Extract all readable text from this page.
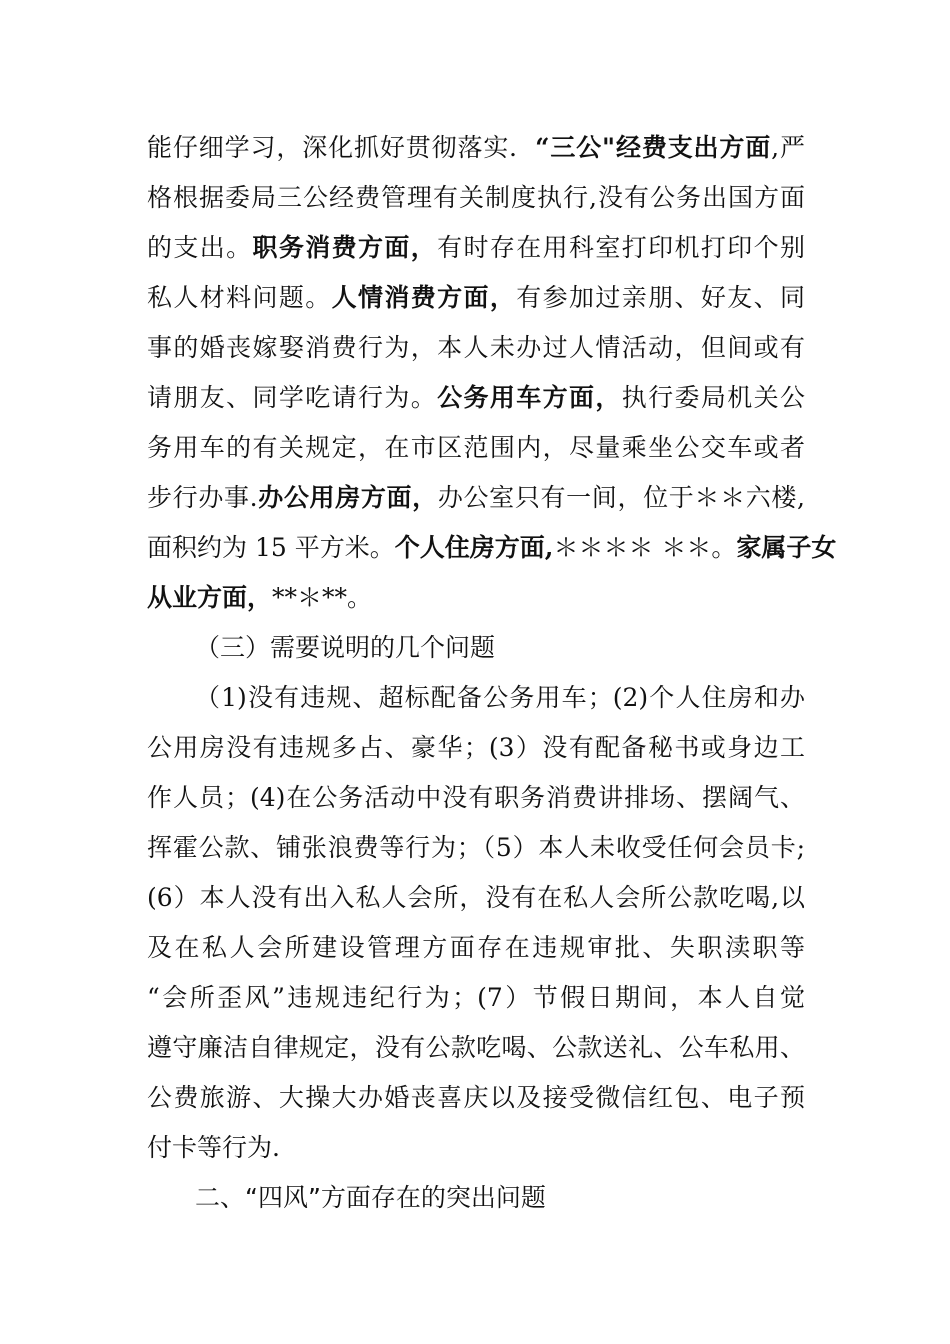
能仔细学习，深化抓好贯彻落实．“三公"经费支出方面,严
格根据委局三公经费管理有关制度执行,没有公务出国方面
的支出。职务消费方面，有时存在用科室打印机打印个别
私人材料问题。人情消费方面，有参加过亲朋、好友、同
事的婚丧嫁娶消费行为，本人未办过人情活动，但间或有
请朋友、同学吃请行为。公务用车方面，执行委局机关公
务用车的有关规定，在市区范围内，尽量乘坐公交车或者
步行办事.办公用房方面，办公室只有一间，位于＊＊六楼,
面积约为 15 平方米。个人住房方面,＊＊＊＊ ＊＊。家属子女
从业方面，**＊**。
（三）需要说明的几个问题
（1)没有违规、超标配备公务用车；(2)个人住房和办
公用房没有违规多占、豪华；(3）没有配备秘书或身边工
作人员；(4)在公务活动中没有职务消费讲排场、摆阔气、
挥霍公款、铺张浪费等行为；（5）本人未收受任何会员卡;
(6）本人没有出入私人会所，没有在私人会所公款吃喝,以
及在私人会所建设管理方面存在违规审批、失职渎职等
“会所歪风”违规违纪行为；(7）节假日期间，本人自觉
遵守廉洁自律规定，没有公款吃喝、公款送礼、公车私用、
公费旅游、大操大办婚丧喜庆以及接受微信红包、电子预
付卡等行为.
二、“四风”方面存在的突出问题
